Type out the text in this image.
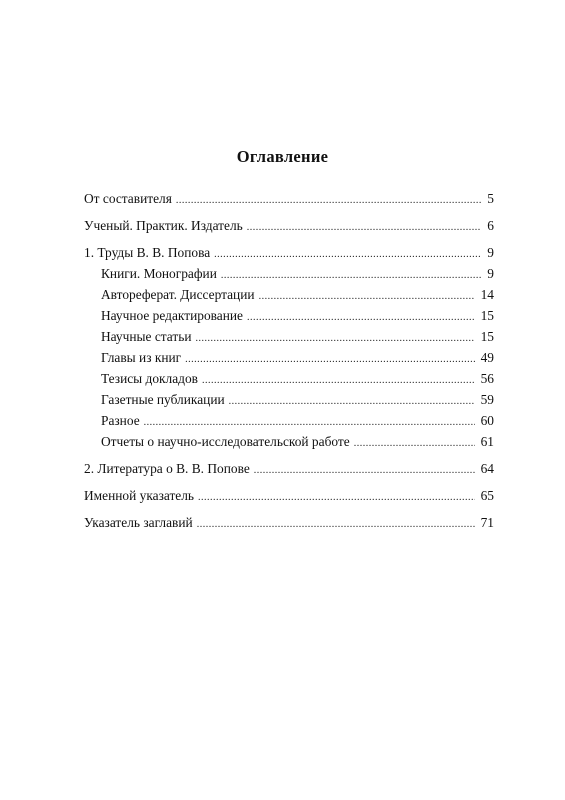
Оглавление
От составителя .....	5
Ученый. Практик. Издатель .....	6
1. Труды В. В. Попова .....	9
Книги. Монографии .....	9
Автореферат. Диссертации .....	14
Научное редактирование .....	15
Научные статьи .....	15
Главы из книг .....	49
Тезисы докладов .....	56
Газетные публикации .....	59
Разное .....	60
Отчеты о научно-исследовательской работе .....	61
2. Литература о В. В. Попове .....	64
Именной указатель .....	65
Указатель заглавий .....	71
